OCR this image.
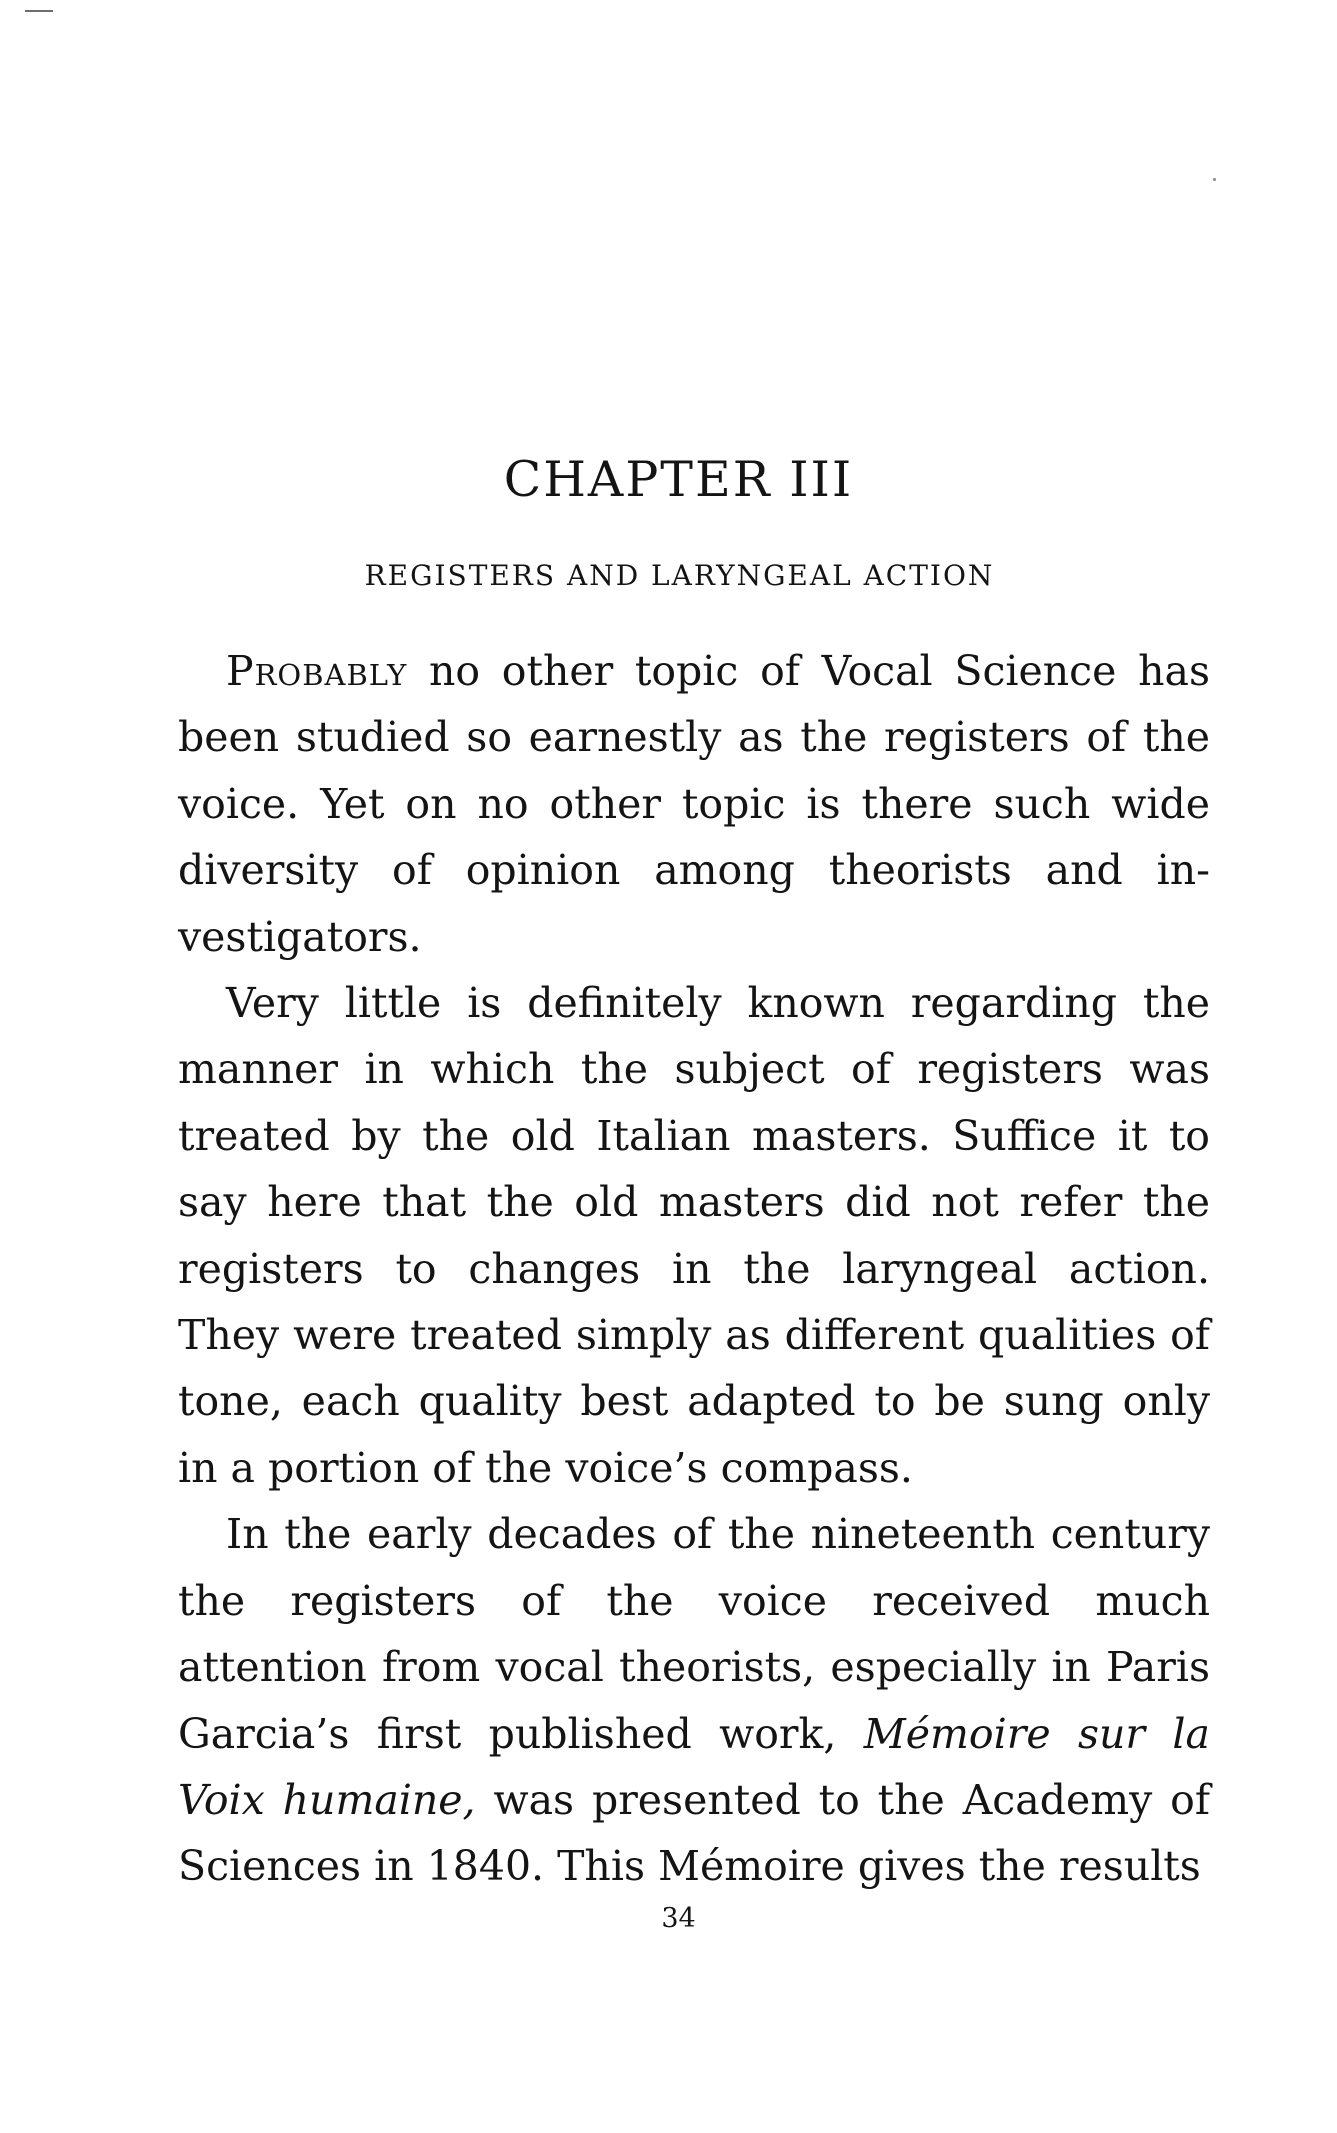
CHAPTER III
REGISTERS AND LARYNGEAL ACTION

Probably no other topic of Vocal Science has been studied so earnestly as the registers of the voice. Yet on no other topic is there such wide diversity of opinion among theorists and investigators.

Very little is definitely known regarding the manner in which the subject of registers was treated by the old Italian masters. Suffice it to say here that the old masters did not refer the registers to changes in the laryngeal action. They were treated simply as different qualities of tone, each quality best adapted to be sung only in a portion of the voice’s compass.

In the early decades of the nineteenth century the registers of the voice received much attention from vocal theorists, especially in Paris Garcia’s first published work, Mémoire sur la Voix humaine, was presented to the Academy of Sciences in 1840. This Mémoire gives the results

34
